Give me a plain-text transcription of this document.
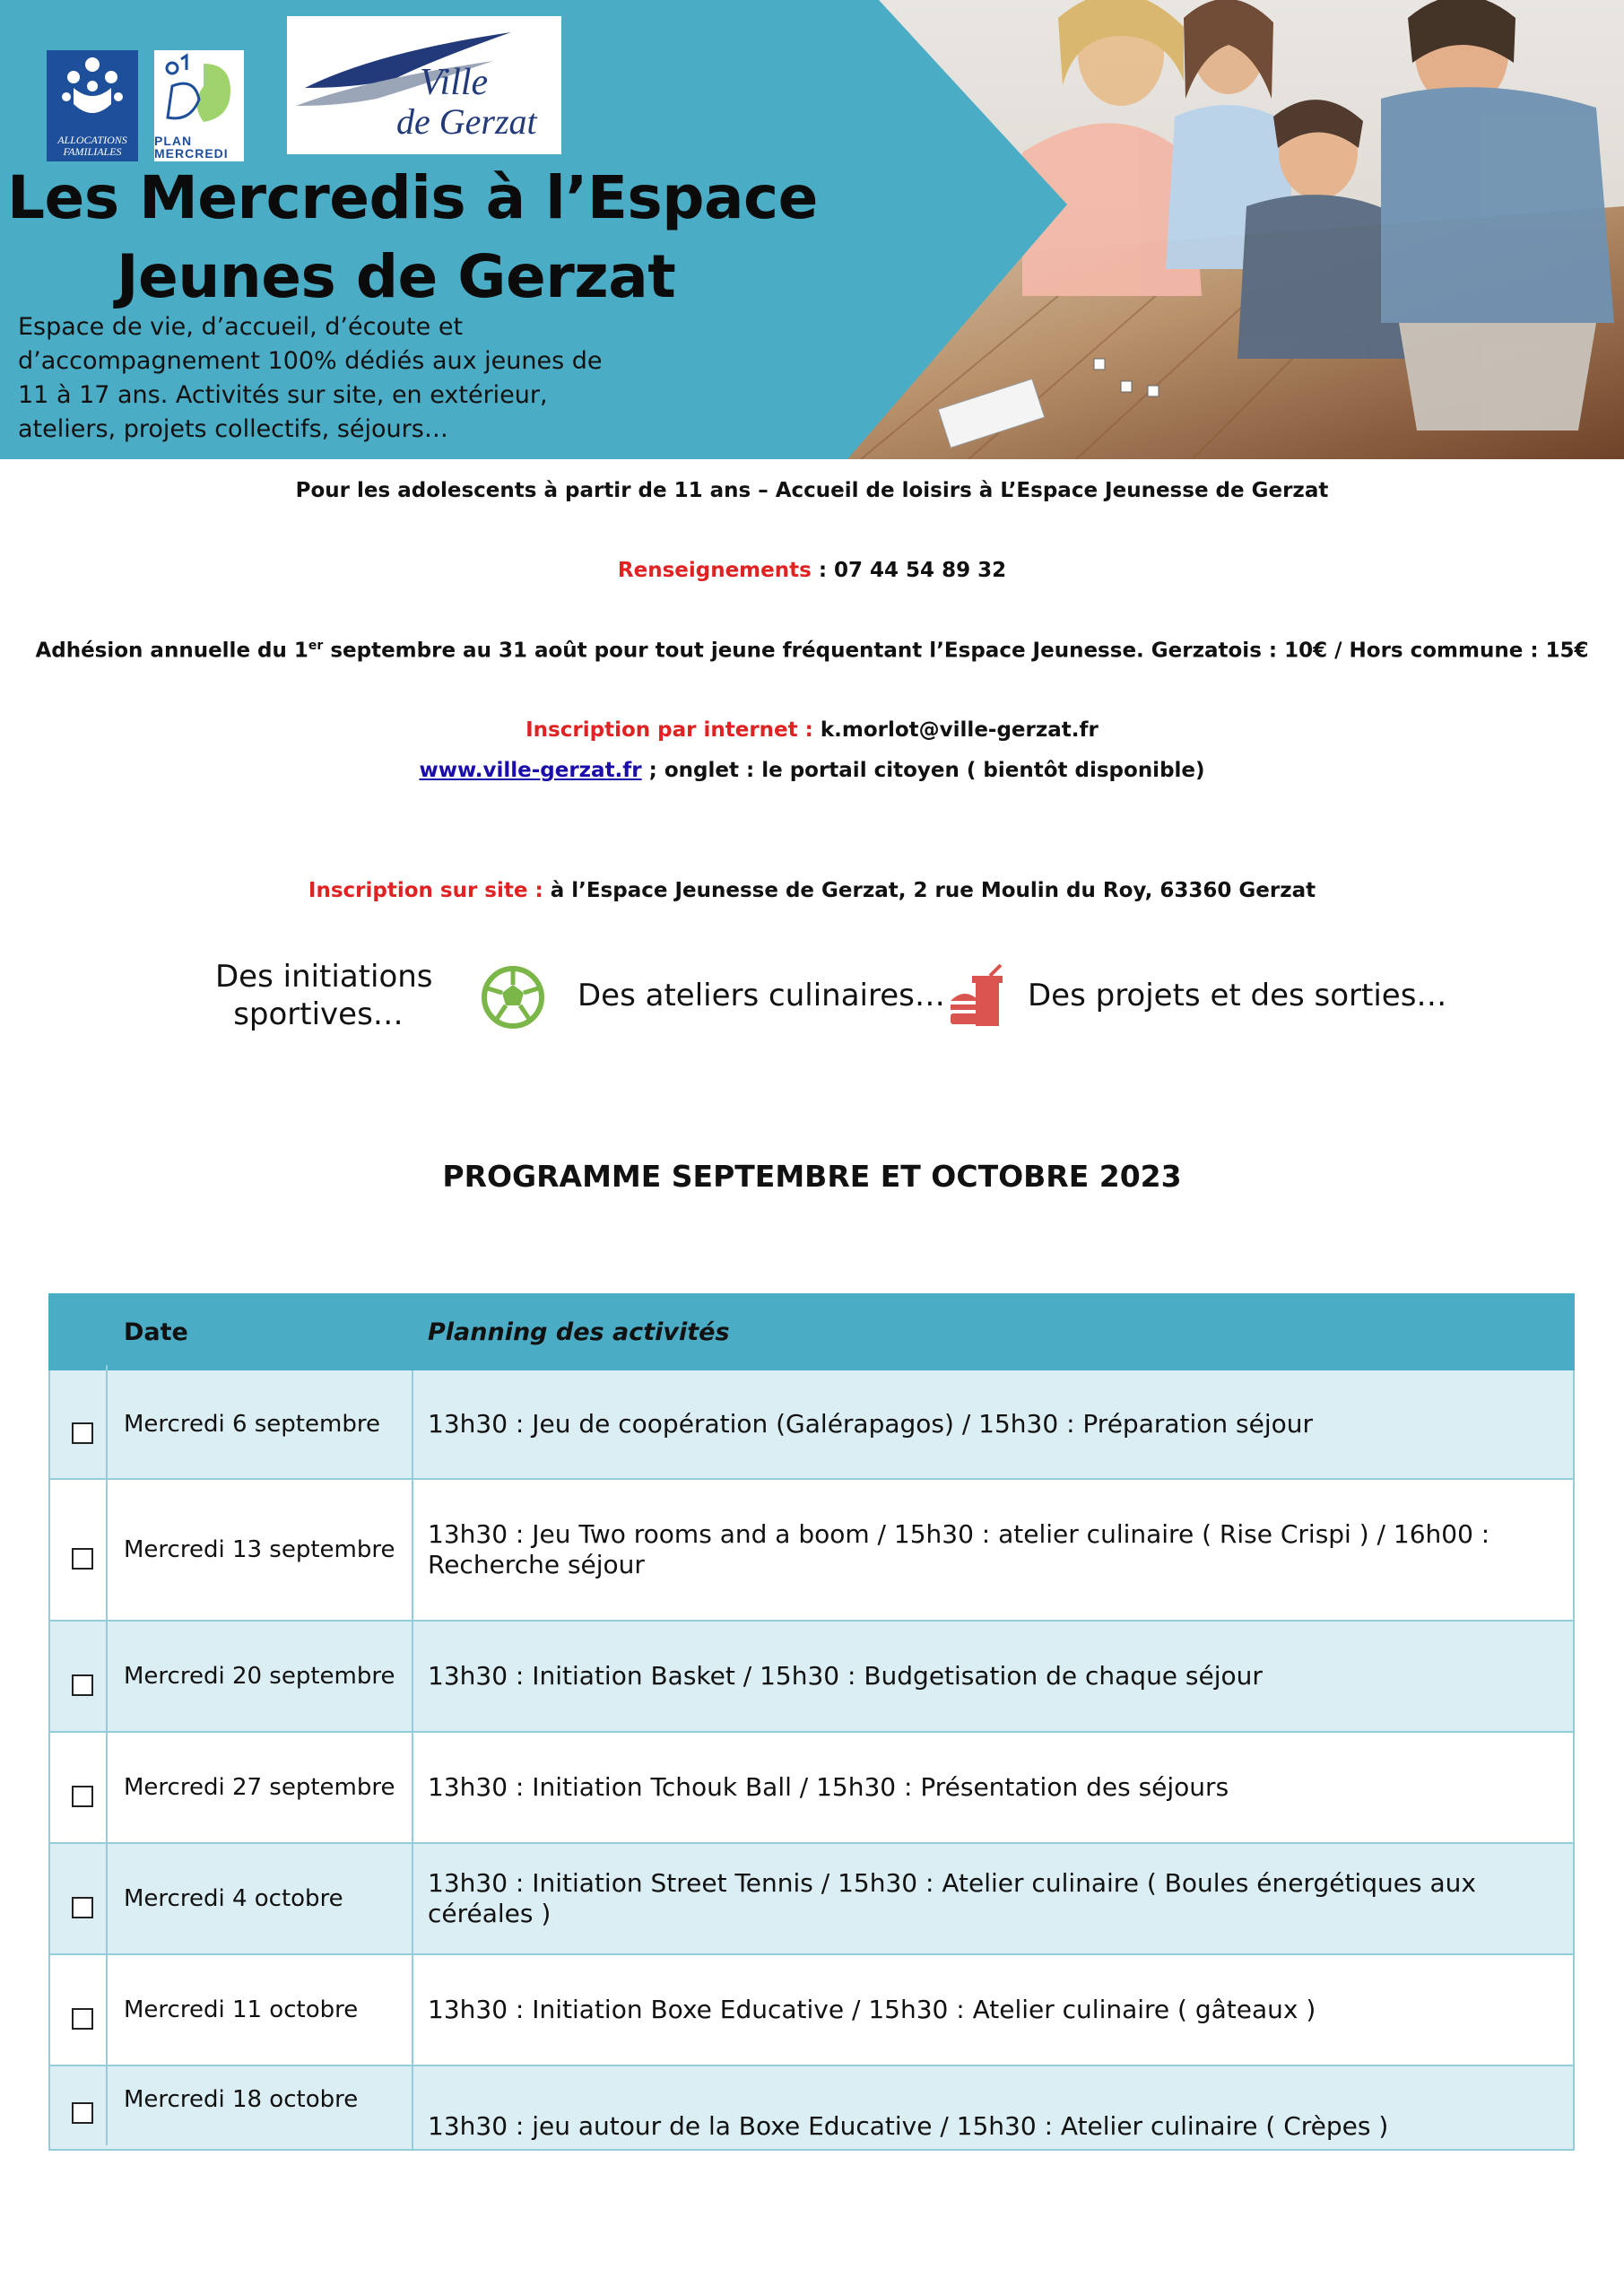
ALLOCATIONS FAMILIALES
PLAN
MERCREDI
Ville
de Gerzat
Les Mercredis à l’Espace
Jeunes de Gerzat
Espace de vie, d’accueil, d’écoute et d’accompagnement 100% dédiés aux jeunes de 11 à 17 ans. Activités sur site, en extérieur, ateliers, projets collectifs, séjours…
Pour les adolescents à partir de 11 ans – Accueil de loisirs à L’Espace Jeunesse de Gerzat
Renseignements : 07 44 54 89 32
Adhésion annuelle du 1er septembre au 31 août pour tout jeune fréquentant l’Espace Jeunesse. Gerzatois : 10€ / Hors commune : 15€
Inscription par internet : k.morlot@ville-gerzat.fr
www.ville-gerzat.fr ; onglet : le portail citoyen ( bientôt disponible)
Inscription sur site : à l’Espace Jeunesse de Gerzat, 2 rue Moulin du Roy, 63360 Gerzat
Des initiations
sportives…
Des ateliers culinaires…	Des projets et des sorties…
PROGRAMME SEPTEMBRE ET OCTOBRE 2023
Date	Planning des activités

Mercredi 6 septembre	13h30 : Jeu de coopération (Galérapagos) / 15h30 : Préparation séjour

Mercredi 13 septembre	13h30 : Jeu Two rooms and a boom / 15h30 : atelier culinaire ( Rise Crispi ) / 16h00 : Recherche séjour

Mercredi 20 septembre	13h30 : Initiation Basket / 15h30 : Budgetisation de chaque séjour

Mercredi 27 septembre	13h30 : Initiation Tchouk Ball / 15h30 : Présentation des séjours

Mercredi 4 octobre	13h30 : Initiation Street Tennis / 15h30 : Atelier culinaire ( Boules énergétiques aux céréales )

Mercredi 11 octobre	13h30 : Initiation Boxe Educative / 15h30 : Atelier culinaire ( gâteaux )

Mercredi 18 octobre	13h30 : jeu autour de la Boxe Educative / 15h30 : Atelier culinaire ( Crèpes )
